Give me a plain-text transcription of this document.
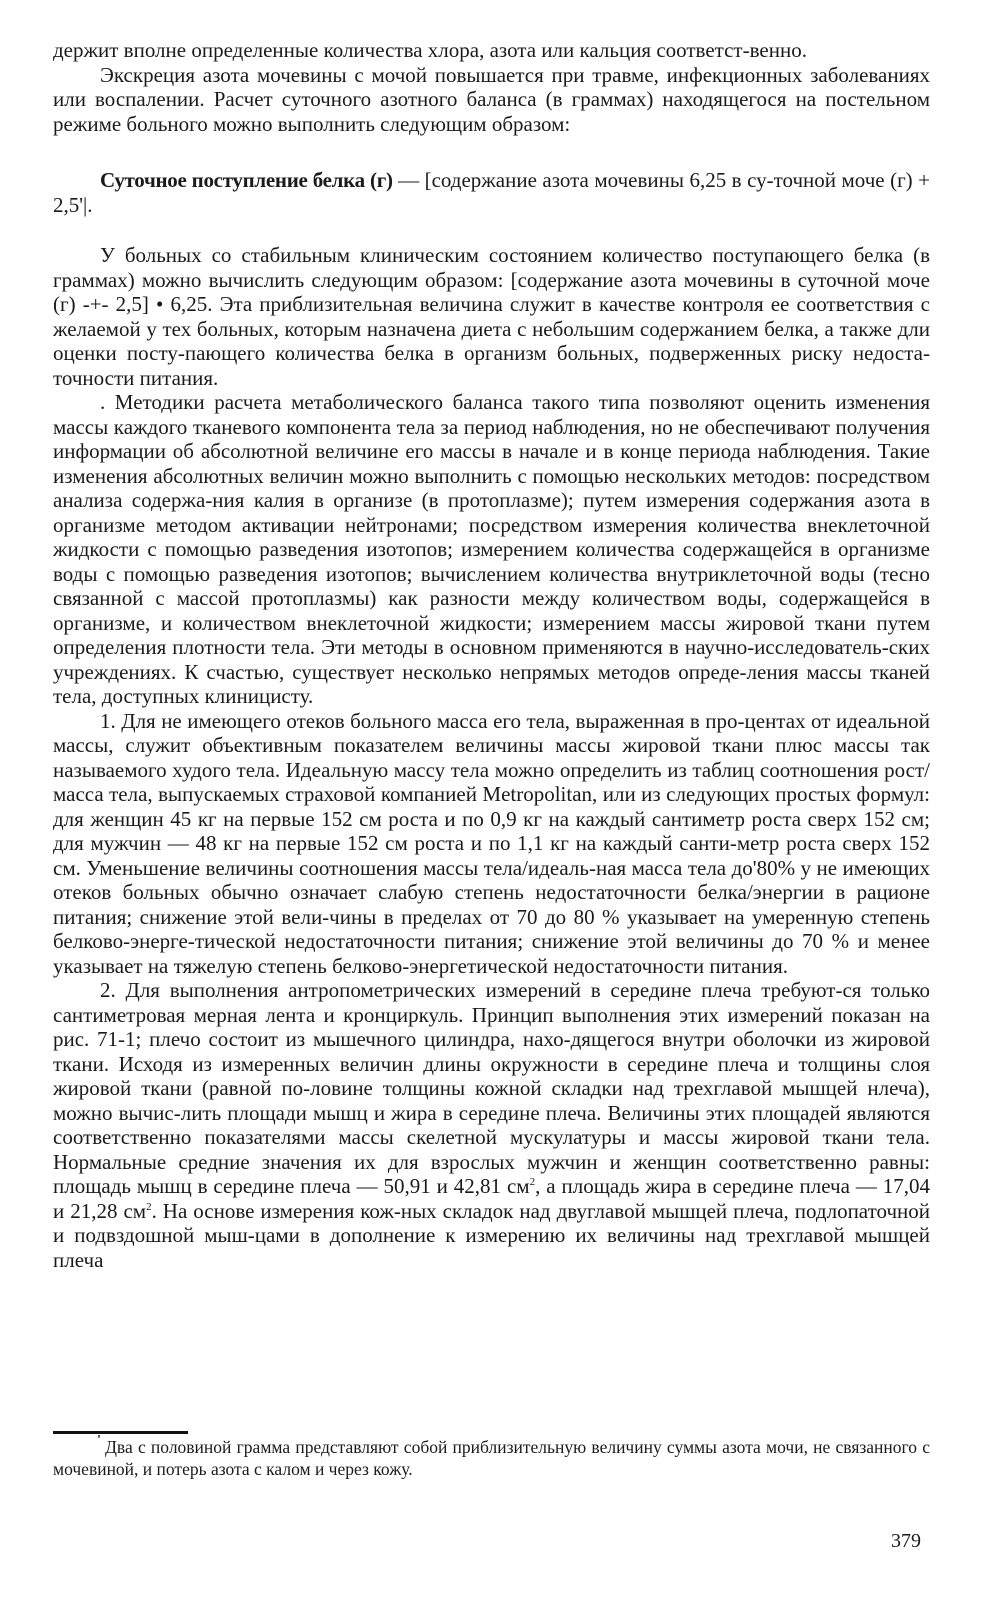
держит вполне определенные количества хлора, азота или кальция соответст-венно.

Экскреция азота мочевины с мочой повышается при травме, инфекционных заболеваниях или воспалении. Расчет суточного азотного баланса (в граммах) находящегося на постельном режиме больного можно выполнить следующим образом:

Суточное поступление белка (г) — [содержание азота мочевины 6,25 в су-точной моче (г) + 2,5'|.

У больных со стабильным клиническим состоянием количество поступающего белка (в граммах) можно вычислить следующим образом: [содержание азота мочевины в суточной моче (г) -+- 2,5] • 6,25. Эта приблизительная величина служит в качестве контроля ее соответствия с желаемой у тех больных, которым назначена диета с небольшим содержанием белка, а также дли оценки посту-пающего количества белка в организм больных, подверженных риску недоста-точности питания.

. Методики расчета метаболического баланса такого типа позволяют оценить изменения массы каждого тканевого компонента тела за период наблюдения, но не обеспечивают получения информации об абсолютной величине его массы в начале и в конце периода наблюдения. Такие изменения абсолютных величин можно выполнить с помощью нескольких методов: посредством анализа содержа-ния калия в организе (в протоплазме); путем измерения содержания азота в организме методом активации нейтронами; посредством измерения количества внеклеточной жидкости с помощью разведения изотопов; измерением количества содержащейся в организме воды с помощью разведения изотопов; вычислением количества внутриклеточной воды (тесно связанной с массой протоплазмы) как разности между количеством воды, содержащейся в организме, и количеством внеклеточной жидкости; измерением массы жировой ткани путем определения плотности тела. Эти методы в основном применяются в научно-исследователь-ских учреждениях. К счастью, существует несколько непрямых методов опреде-ления массы тканей тела, доступных клиницисту.

1. Для не имеющего отеков больного масса его тела, выраженная в про-центах от идеальной массы, служит объективным показателем величины массы жировой ткани плюс массы так называемого худого тела. Идеальную массу тела можно определить из таблиц соотношения рост/масса тела, выпускаемых страховой компанией Metropolitan, или из следующих простых формул: для женщин 45 кг на первые 152 см роста и по 0,9 кг на каждый сантиметр роста сверх 152 см; для мужчин — 48 кг на первые 152 см роста и по 1,1 кг на каждый санти-метр роста сверх 152 см. Уменьшение величины соотношения массы тела/идеаль-ная масса тела до'80% у не имеющих отеков больных обычно означает слабую степень недостаточности белка/энергии в рационе питания; снижение этой вели-чины в пределах от 70 до 80 % указывает на умеренную степень белково-энерге-тической недостаточности питания; снижение этой величины до 70 % и менее указывает на тяжелую степень белково-энергетической недостаточности питания.

2. Для выполнения антропометрических измерений в середине плеча требуют-ся только сантиметровая мерная лента и кронциркуль. Принцип выполнения этих измерений показан на рис. 71-1; плечо состоит из мышечного цилиндра, нахо-дящегося внутри оболочки из жировой ткани. Исходя из измеренных величин длины окружности в середине плеча и толщины слоя жировой ткани (равной по-ловине толщины кожной складки над трехглавой мышцей нлеча), можно вычис-лить площади мышц и жира в середине плеча. Величины этих площадей являются соответственно показателями массы скелетной мускулатуры и массы жировой ткани тела. Нормальные средние значения их для взрослых мужчин и женщин соответственно равны: площадь мышц в середине плеча — 50,91 и 42,81 $см^2$, а площадь жира в середине плеча — 17,04 и 21,28 $см^2$. На основе измерения кож-ных складок над двуглавой мышцей плеча, подлопаточной и подвздошной мыш-цами в дополнение к измерению их величины над трехглавой мышцей плеча

' Два с половиной грамма представляют собой приблизительную величину суммы азота мочи, не связанного с мочевиной, и потерь азота с калом и через кожу.
379
